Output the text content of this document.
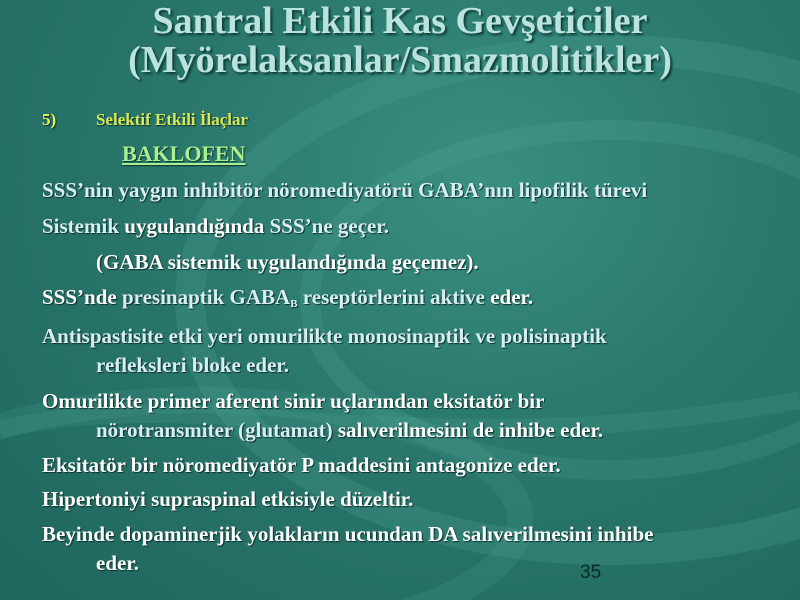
Santral Etkili Kas Gevşeticiler
(Myörelaksanlar/Smazmolitikler)
5) Selektif Etkili İlaçlar
BAKLOFEN
SSS’nin yaygın inhibitör nöromediyatörü GABA’nın lipofilik türevi
Sistemik uygulandığında SSS’ne geçer.
(GABA sistemik uygulandığında geçemez).
SSS’nde presinaptik $GABA_B$ reseptörlerini aktive eder.
Antispastisite etki yeri omurilikte monosinaptik ve polisinaptik
refleksleri bloke eder.
Omurilikte primer aferent sinir uçlarından eksitatör bir
nörotransmiter (glutamat) salıverilmesini de inhibe eder.
Eksitatör bir nöromediyatör P maddesini antagonize eder.
Hipertoniyi supraspinal etkisiyle düzeltir.
Beyinde dopaminerjik yolakların ucundan DA salıverilmesini inhibe
eder.	35
